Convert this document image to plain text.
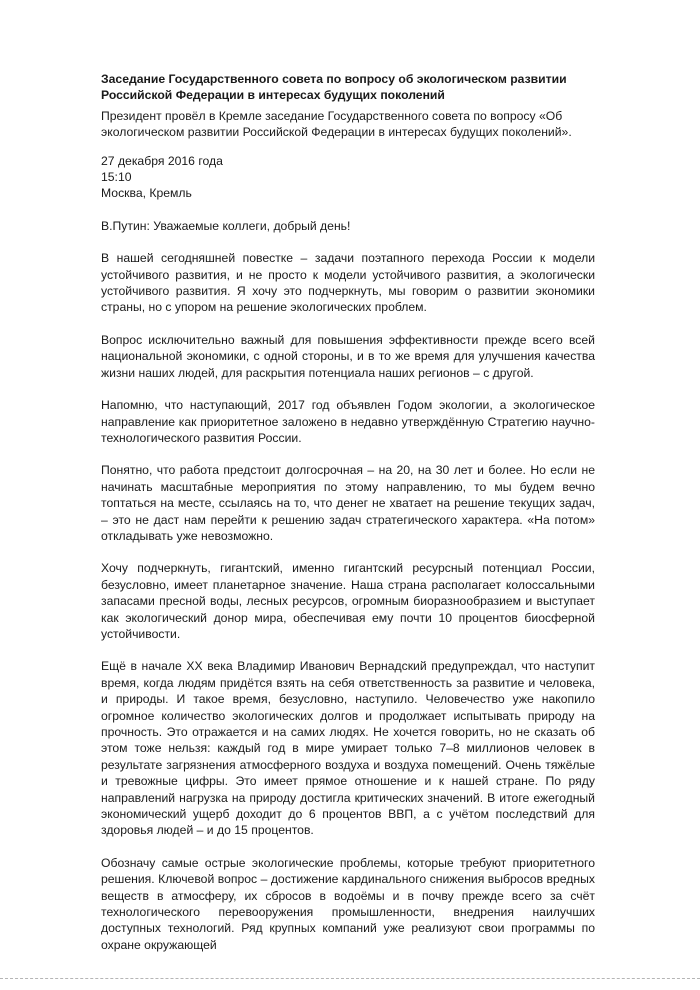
Заседание Государственного совета по вопросу об экологическом развитии Российской Федерации в интересах будущих поколений

Президент провёл в Кремле заседание Государственного совета по вопросу «Об экологическом развитии Российской Федерации в интересах будущих поколений».

27 декабря 2016 года
15:10
Москва, Кремль

В.Путин: Уважаемые коллеги, добрый день!

В нашей сегодняшней повестке – задачи поэтапного перехода России к модели устойчивого развития, и не просто к модели устойчивого развития, а экологически устойчивого развития. Я хочу это подчеркнуть, мы говорим о развитии экономики страны, но с упором на решение экологических проблем.

Вопрос исключительно важный для повышения эффективности прежде всего всей национальной экономики, с одной стороны, и в то же время для улучшения качества жизни наших людей, для раскрытия потенциала наших регионов – с другой.

Напомню, что наступающий, 2017 год объявлен Годом экологии, а экологическое направление как приоритетное заложено в недавно утверждённую Стратегию научно-технологического развития России.

Понятно, что работа предстоит долгосрочная – на 20, на 30 лет и более. Но если не начинать масштабные мероприятия по этому направлению, то мы будем вечно топтаться на месте, ссылаясь на то, что денег не хватает на решение текущих задач, – это не даст нам перейти к решению задач стратегического характера. «На потом» откладывать уже невозможно.

Хочу подчеркнуть, гигантский, именно гигантский ресурсный потенциал России, безусловно, имеет планетарное значение. Наша страна располагает колоссальными запасами пресной воды, лесных ресурсов, огромным биоразнообразием и выступает как экологический донор мира, обеспечивая ему почти 10 процентов биосферной устойчивости.

Ещё в начале XX века Владимир Иванович Вернадский предупреждал, что наступит время, когда людям придётся взять на себя ответственность за развитие и человека, и природы. И такое время, безусловно, наступило. Человечество уже накопило огромное количество экологических долгов и продолжает испытывать природу на прочность. Это отражается и на самих людях. Не хочется говорить, но не сказать об этом тоже нельзя: каждый год в мире умирает только 7–8 миллионов человек в результате загрязнения атмосферного воздуха и воздуха помещений. Очень тяжёлые и тревожные цифры. Это имеет прямое отношение и к нашей стране. По ряду направлений нагрузка на природу достигла критических значений. В итоге ежегодный экономический ущерб доходит до 6 процентов ВВП, а с учётом последствий для здоровья людей – и до 15 процентов.

Обозначу самые острые экологические проблемы, которые требуют приоритетного решения. Ключевой вопрос – достижение кардинального снижения выбросов вредных веществ в атмосферу, их сбросов в водоёмы и в почву прежде всего за счёт технологического перевооружения промышленности, внедрения наилучших доступных технологий. Ряд крупных компаний уже реализуют свои программы по охране окружающей
